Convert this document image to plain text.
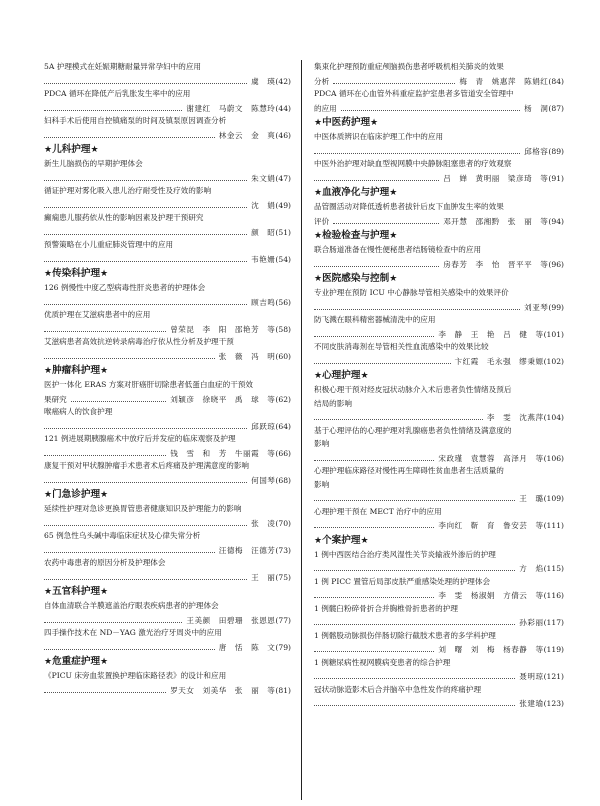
5A 护理模式在妊娠期糖耐量异常孕妇中的应用
虞　瑛 (42)
PDCA 循环在降低产后乳胀发生率中的应用
谢建红　马蔚文　陈慧玲 (44)
妇科手术后使用自控镇痛泵的时间及镇泵原因调查分析
林金云　金　爽 (46)
★儿科护理★
新生儿脑损伤的早期护理体会
朱文娟 (47)
循证护理对雾化吸入患儿治疗耐受性及疗效的影响
沈　娟 (49)
癫痫患儿服药依从性的影响因素及护理干预研究
颜　昭 (51)
预警策略在小儿重症肺炎管理中的应用
韦艳姗 (54)
★传染科护理★
126 例慢性中度乙型病毒性肝炎患者的护理体会
顾吉鸣 (56)
优质护理在艾滋病患者中的应用
曾荣昆　李　阳　邵艳芳　等 (58)
艾滋病患者高效抗逆转录病毒治疗依从性分析及护理干预
张　薇　冯　明 (60)
★肿瘤科护理★
医护一体化 ERAS 方案对肝癌肝切除患者低蛋白血症的干预效
果研究	刘颖彦　徐晓平　禹　球　等 (62)
喉癌病人的饮食护理
邱跃琼 (64)
121 例进展期胰腺癌术中放疗后并发症的临床观察及护理
钱　雪　和　芳　牛丽霞　等 (66)
康复干预对甲状腺肿瘤手术患者术后疼痛及护理满意度的影响
何国琴 (68)
★门急诊护理★
延续性护理对急诊更换胃管患者健康知识及护理能力的影响
张　凌 (70)
65 例急性乌头碱中毒临床症状及心律失常分析
汪德梅　汪德芳 (73)
农药中毒患者的原因分析及护理体会
王　丽 (75)
★五官科护理★
自体血清联合羊膜遮盖治疗眼表疾病患者的护理体会
王美颜　田碧珊　张恩恩 (77)
四手操作技术在 ND－YAG 激光治疗牙周炎中的应用
唐　恬　陈　文 (79)
★危重症护理★
《PICU 床旁血浆置换护理临床路径表》的设计和应用
罗天女　刘美华　张　丽　等 (81)
集束化护理预防重症颅脑损伤患者呼吸机相关肺炎的效果
分析	梅　青　姚惠萍　陈娟红 (84)
PDCA 循环在心血管外科重症监护室患者多管道安全管理中
的应用	杨　洞 (87)
★中医药护理★
中医体质辨识在临床护理工作中的应用
邱格容 (89)
中医外治护理对缺血型视网膜中央静脉阻塞患者的疗效观察
吕　婵　黄明丽　梁彦琦　等 (91)
★血液净化与护理★
品管圈活动对降低透析患者拔针后皮下血肿发生率的效果
评价	邓开慧　邵湘黔　张　丽　等 (94)
★检验检查与护理★
联合肠道准备在慢性便秘患者结肠镜检查中的应用
房春芳　李　怡　晋平平　等 (96)
★医院感染与控制★
专业护理在预防 ICU 中心静脉导管相关感染中的效果评价
刘亚琴 (99)
防飞溅在眼科精密器械清洗中的应用
李　静　王　艳　吕　健　等 (101)
不同皮肤消毒剂在导管相关性血流感染中的效果比较
卞红霞　毛永强　缪秉嫄 (102)
★心理护理★
积极心理干预对经皮冠状动脉介入术后患者负性情绪及预后
结局的影响
李　雯　沈燕萍 (104)
基于心理评估的心理护理对乳腺癌患者负性情绪及满意度的
影响
宋政瑾　袁慧蓉　高泽月　等 (106)
心理护理临床路径对慢性再生障碍性贫血患者生活质量的
影响
王　璐 (109)
心理护理干预在 MECT 治疗中的应用
李向红　靳　育　鲁安芸　等 (111)
★个案护理★
1 例中西医结合治疗类风湿性关节炎输液外渗后的护理
方　焰 (115)
1 例 PICC 置管后局部皮肤严重感染处理的护理体会
李　雯　杨淑娟　方倩云　等 (116)
1 例髋臼粉碎骨折合并胸椎骨折患者的护理
孙彩丽 (117)
1 例髂股动脉损伤伴肠切除行截肢术患者的多学科护理
刘　曙　刘　梅　杨春静　等 (119)
1 例糖尿病性视网膜病变患者的综合护理
聂明琼 (121)
冠状动脉造影术后合并脑卒中急性发作的疼痛护理
张建瑜 (123)
